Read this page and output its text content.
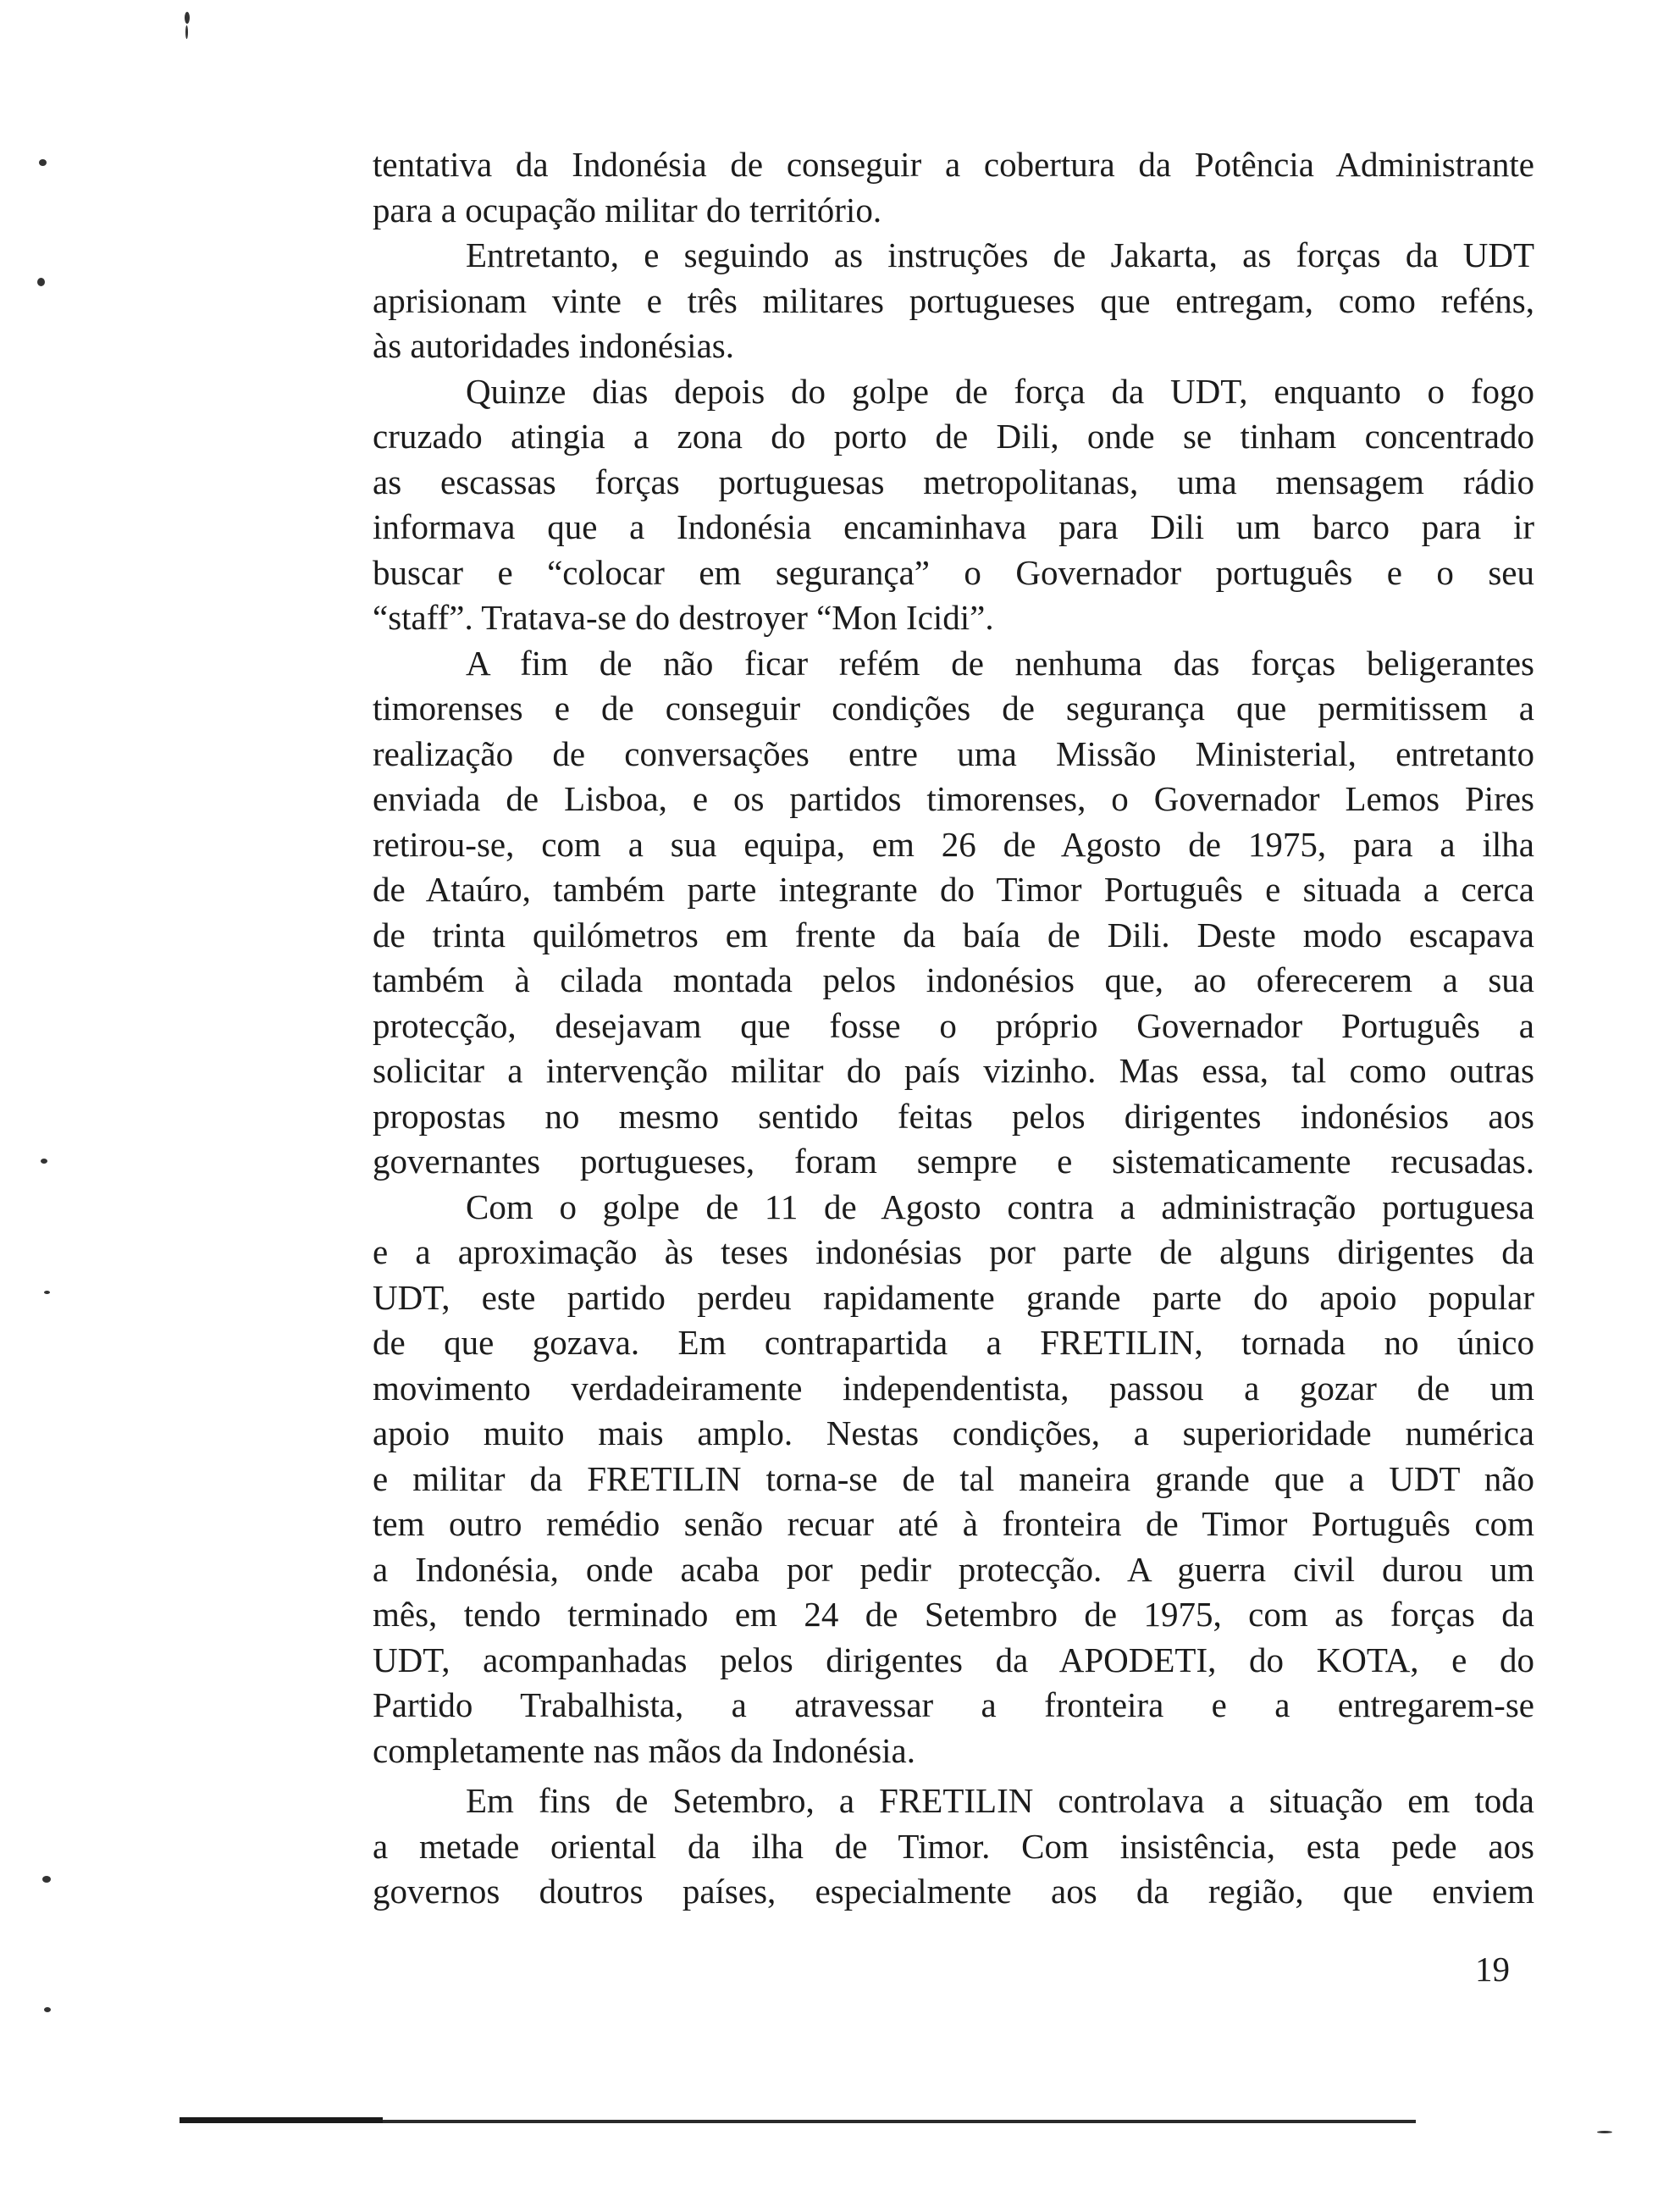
tentativa da Indonésia de conseguir a cobertura da Potência Administrante
para a ocupação militar do território.

Entretanto, e seguindo as instruções de Jakarta, as forças da UDT
aprisionam vinte e três militares portugueses que entregam, como reféns,
às autoridades indonésias.

Quinze dias depois do golpe de força da UDT, enquanto o fogo
cruzado atingia a zona do porto de Dili, onde se tinham concentrado
as escassas forças portuguesas metropolitanas, uma mensagem rádio
informava que a Indonésia encaminhava para Dili um barco para ir
buscar e “colocar em segurança” o Governador português e o seu
“staff”. Tratava-se do destroyer “Mon Icidi”.

A fim de não ficar refém de nenhuma das forças beligerantes
timorenses e de conseguir condições de segurança que permitissem a
realização de conversações entre uma Missão Ministerial, entretanto
enviada de Lisboa, e os partidos timorenses, o Governador Lemos Pires
retirou-se, com a sua equipa, em 26 de Agosto de 1975, para a ilha
de Ataúro, também parte integrante do Timor Português e situada a cerca
de trinta quilómetros em frente da baía de Dili. Deste modo escapava
também à cilada montada pelos indonésios que, ao oferecerem a sua
protecção, desejavam que fosse o próprio Governador Português a
solicitar a intervenção militar do país vizinho. Mas essa, tal como outras
propostas no mesmo sentido feitas pelos dirigentes indonésios aos
governantes portugueses, foram sempre e sistematicamente recusadas.

Com o golpe de 11 de Agosto contra a administração portuguesa
e a aproximação às teses indonésias por parte de alguns dirigentes da
UDT, este partido perdeu rapidamente grande parte do apoio popular
de que gozava. Em contrapartida a FRETILIN, tornada no único
movimento verdadeiramente independentista, passou a gozar de um
apoio muito mais amplo. Nestas condições, a superioridade numérica
e militar da FRETILIN torna-se de tal maneira grande que a UDT não
tem outro remédio senão recuar até à fronteira de Timor Português com
a Indonésia, onde acaba por pedir protecção. A guerra civil durou um
mês, tendo terminado em 24 de Setembro de 1975, com as forças da
UDT, acompanhadas pelos dirigentes da APODETI, do KOTA, e do
Partido Trabalhista, a atravessar a fronteira e a entregarem-se
completamente nas mãos da Indonésia.

Em fins de Setembro, a FRETILIN controlava a situação em toda
a metade oriental da ilha de Timor. Com insistência, esta pede aos
governos doutros países, especialmente aos da região, que enviem

19
